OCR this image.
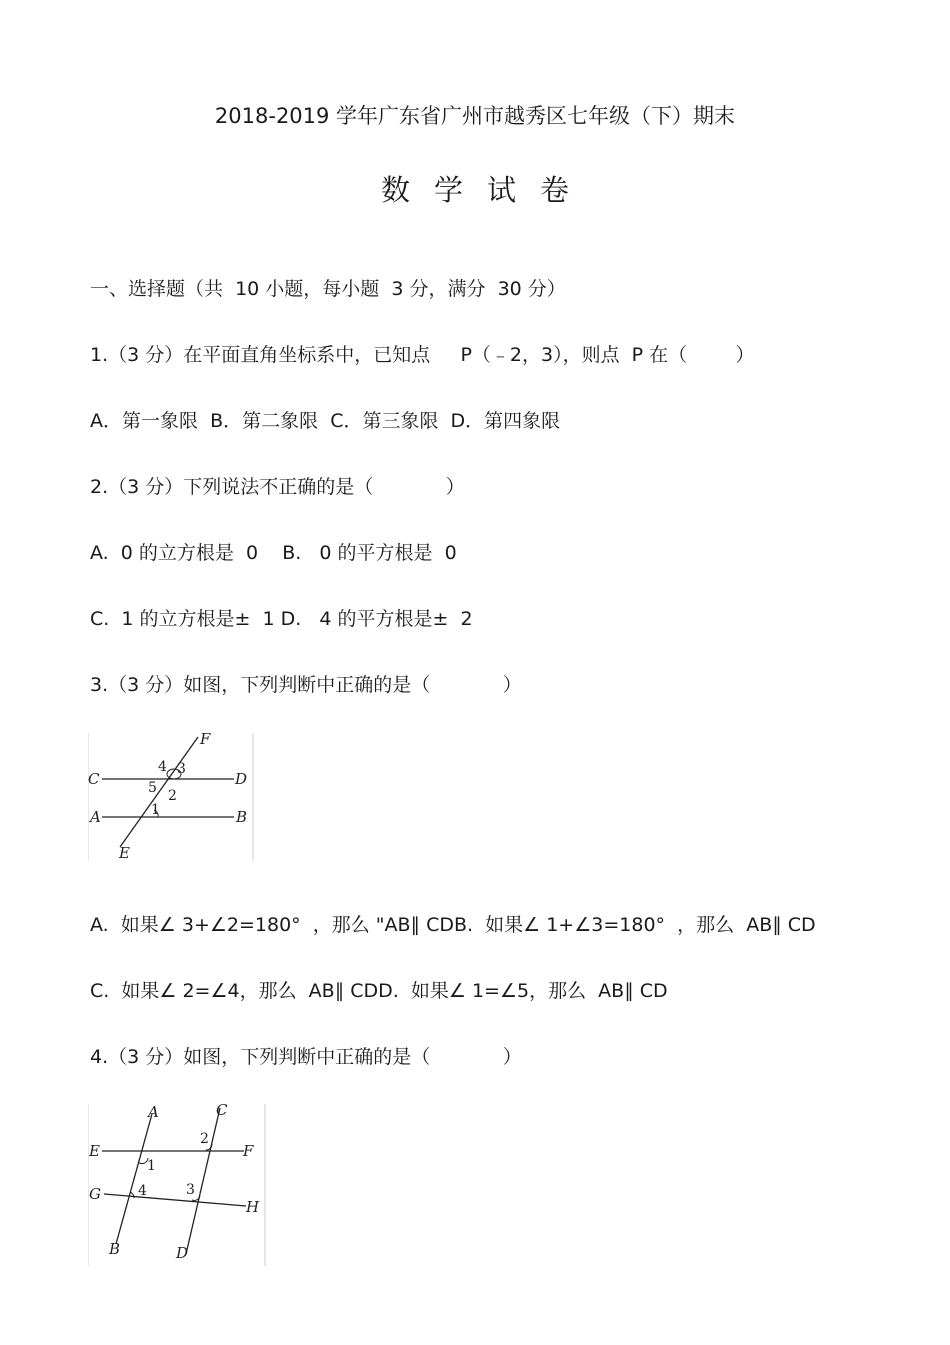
2018-2019 学年广东省广州市越秀区七年级（下）期末
数学试卷
一、选择题（共  10 小题，每小题  3 分，满分  30 分）
1.（3 分）在平面直角坐标系中，已知点     P（﹣2，3），则点  P 在（        ）
A．第一象限  B．第二象限  C．第三象限  D．第四象限
2.（3 分）下列说法不正确的是（            ）
A.  0 的立方根是  0    B.   0 的平方根是  0
C.  1 的立方根是±  1 D.   4 的平方根是±  2
3.（3 分）如图，下列判断中正确的是（            ）
F
C	D
A	B
E
4 3
5 2
1
A.  如果∠ 3+∠2=180°  ，那么 "AB∥ CDB.  如果∠ 1+∠3=180°  ，那么  AB∥ CD
C.  如果∠ 2=∠4，那么  AB∥ CDD.  如果∠ 1=∠5，那么  AB∥ CD
4.（3 分）如图，下列判断中正确的是（            ）
A	C
E	F
G
H
B	D
2
1
4	3
